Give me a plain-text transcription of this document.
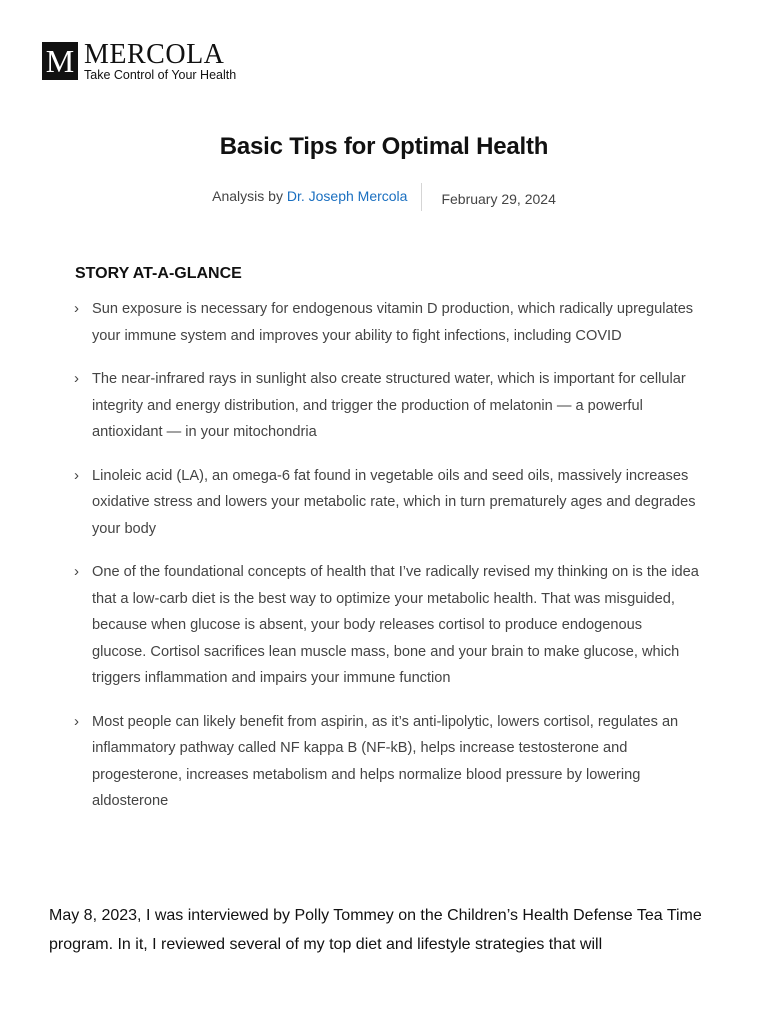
M MERCOLA
Take Control of Your Health
Basic Tips for Optimal Health
Analysis by Dr. Joseph Mercola	February 29, 2024
STORY AT-A-GLANCE
› Sun exposure is necessary for endogenous vitamin D production, which radically upregulates your immune system and improves your ability to fight infections, including COVID
› The near-infrared rays in sunlight also create structured water, which is important for cellular integrity and energy distribution, and trigger the production of melatonin — a powerful antioxidant — in your mitochondria
› Linoleic acid (LA), an omega-6 fat found in vegetable oils and seed oils, massively increases oxidative stress and lowers your metabolic rate, which in turn prematurely ages and degrades your body
› One of the foundational concepts of health that I’ve radically revised my thinking on is the idea that a low-carb diet is the best way to optimize your metabolic health. That was misguided, because when glucose is absent, your body releases cortisol to produce endogenous glucose. Cortisol sacrifices lean muscle mass, bone and your brain to make glucose, which triggers inflammation and impairs your immune function
› Most people can likely benefit from aspirin, as it’s anti-lipolytic, lowers cortisol, regulates an inflammatory pathway called NF kappa B (NF-kB), helps increase testosterone and progesterone, increases metabolism and helps normalize blood pressure by lowering aldosterone

May 8, 2023, I was interviewed by Polly Tommey on the Children’s Health Defense Tea Time program. In it, I reviewed several of my top diet and lifestyle strategies that will
